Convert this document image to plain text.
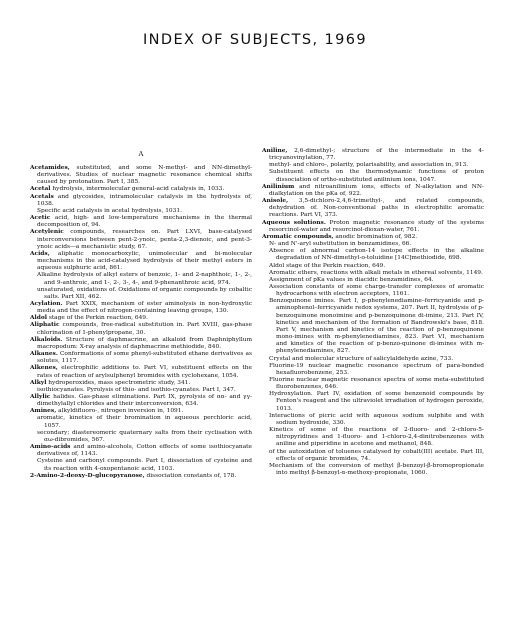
INDEX OF SUBJECTS, 1969
A

Acetamides, substituted, and some N-methyl- and NN-dimethyl-derivatives. Studies of nuclear magnetic resonance chemical shifts caused by protonation. Part I, 385.

Acetal hydrolysis, intermolecular general-acid catalysis in, 1033.

Acetals and glycosides, intramolecular catalysis in the hydrolysis of, 1038.

Specific acid catalysis in acetal hydrolysis, 1031.

Acetic acid, high- and low-temperature mechanisms in the thermal decomposition of, 94.

Acetylenic compounds, researches on. Part LXVI, base-catalysed interconversions between pent-2-ynoic, penta-2,3-dienoic, and pent-3-ynoic acids—a mechanistic study, 67.

Acids, aliphatic monocarboxylic, unimolecular and bi-molecular mechanisms in the acid-catalysed hydrolysis of their methyl esters in aqueous sulphuric acid, 861.

Alkaline hydrolysis of alkyl esters of benzoic, 1- and 2-naphthoic, 1-, 2-, and 9-anthroic, and 1-, 2-, 3-, 4-, and 9-phenanthroic acid, 974.

unsaturated, oxidations of. Oxidations of organic compounds by cobaltic salts. Part XII, 462.

Acylation. Part XXIX, mechanism of ester aminolysis in non-hydroxylic media and the effect of nitrogen-containing leaving groups, 130.

Aldol stage of the Perkin reaction, 649.

Aliphatic compounds, free-radical substitution in. Part XVIII, gas-phase chlorination of 1-phenylpropane, 30.

Alkaloids. Structure of daphmacrine, an alkaloid from Daphniphyllum macropodum: X-ray analysis of daphmacrine methiodide, 840.

Alkanes. Conformations of some phenyl-substituted ethane derivatives as solutes, 1117.

Alkenes, electrophilic additions to. Part VI, substituent effects on the rates of reaction of arylsulphenyl bromides with cyclohexane, 1054.

Alkyl hydroperoxides, mass spectrometric study, 341.

isothiocyanates. Pyrolysis of thio- and isothio-cyanates. Part I, 347.

Allylic halides. Gas-phase eliminations. Part IX, pyrolysis of αα- and γγ-dimethylallyl chlorides and their interconversion, 634.

Amines, alkyldifluoro-, nitrogen inversion in, 1091.

aromatic, kinetics of their bromination in aqueous perchloric acid, 1057.

secondary; diastereomeric quaternary salts from their cyclisation with αω-dibromides, 567.

Amino-acids and amino-alcohols, Cotton effects of some isothiocyanate derivatives of, 1143.

Cysteine and carbonyl compounds. Part I, dissociation of cysteine and its reaction with 4-oxopentanoic acid, 1103.

2-Amino-2-deoxy-D-glucopyranose, dissociation constants of, 178.

Aniline, 2,6-dimethyl-; structure of the intermediate in the 4-tricyanovinylation, 77.

methyl- and chloro-, polarity, polarisability, and association in, 913.

Substituent effects on the thermodynamic functions of proton dissociation of ortho-substituted anilinium ions, 1047.

Anilinium and nitroanilinium ions, effects of N-alkylation and NN-dialkylation on the pKa of, 922.

Anisole, 3,5-dichloro-2,4,6-trimethyl-, and related compounds, dehydration of. Non-conventional paths in electrophilic aromatic reactions. Part VI, 373.

Aqueous solutions. Proton magnetic resonance study of the systems resorcinol-water and resorcinol-dioxan-water, 761.

Aromatic compounds, anodic bromination of, 982.

N- and N'-aryl substitution in benzamidines, 66.

Absence of abnormal carbon-14 isotope effects in the alkaline degradation of NN-dimethyl-o-toluidine [14C]methiodide, 698.

Aldol stage of the Perkin reaction, 649.

Aromatic ethers, reactions with alkali metals in ethereal solvents, 1149.

Assignment of pKa values in diacidic benzamidines, 64.

Association constants of some charge-transfer complexes of aromatic hydrocarbons with electron acceptors, 1161.

Benzoquinone imines. Part I, p-phenylenediamine–ferricyanide and p-aminophenol–ferricyanide redox systems, 207. Part II, hydrolysis of p-benzoquinone monoimine and p-benzoquinone di-imine, 213. Part IV, kinetics and mechanism of the formation of Bandrowski's base, 818. Part V, mechanism and kinetics of the reaction of p-benzoquinone mono-imines with m-phenylenediamines, 823. Part VI, mechanism and kinetics of the reaction of p-benzo-quinone di-imines with m-phenylenediamines, 827.

Crystal and molecular structure of salicylaldehyde azine, 733.

Fluorine-19 nuclear magnetic resonance spectrum of para-bonded hexafluorobenzene, 253.

Fluorine nuclear magnetic resonance spectra of some meta-substituted fluorobenzenes, 646.

Hydroxylation. Part IV, oxidation of some benzenoid compounds by Fenton's reagent and the ultraviolet irradiation of hydrogen peroxide, 1013.

Interactions of picric acid with aqueous sodium sulphite and with sodium hydroxide, 330.

Kinetics of some of the reactions of 2-fluoro- and 2-chloro-5-nitropyridines and 1-fluoro- and 1-chloro-2,4-dinitrobenzenes with aniline and piperidine in acetone and methanol, 848.

of the autoxidation of toluenes catalysed by cobalt(III) acetate. Part III, effects of organic bromides, 74.

Mechanism of the conversion of methyl β-benzoyl-β-bromopropionate into methyl β-benzoyl-α-methoxy-propionate, 1060.
